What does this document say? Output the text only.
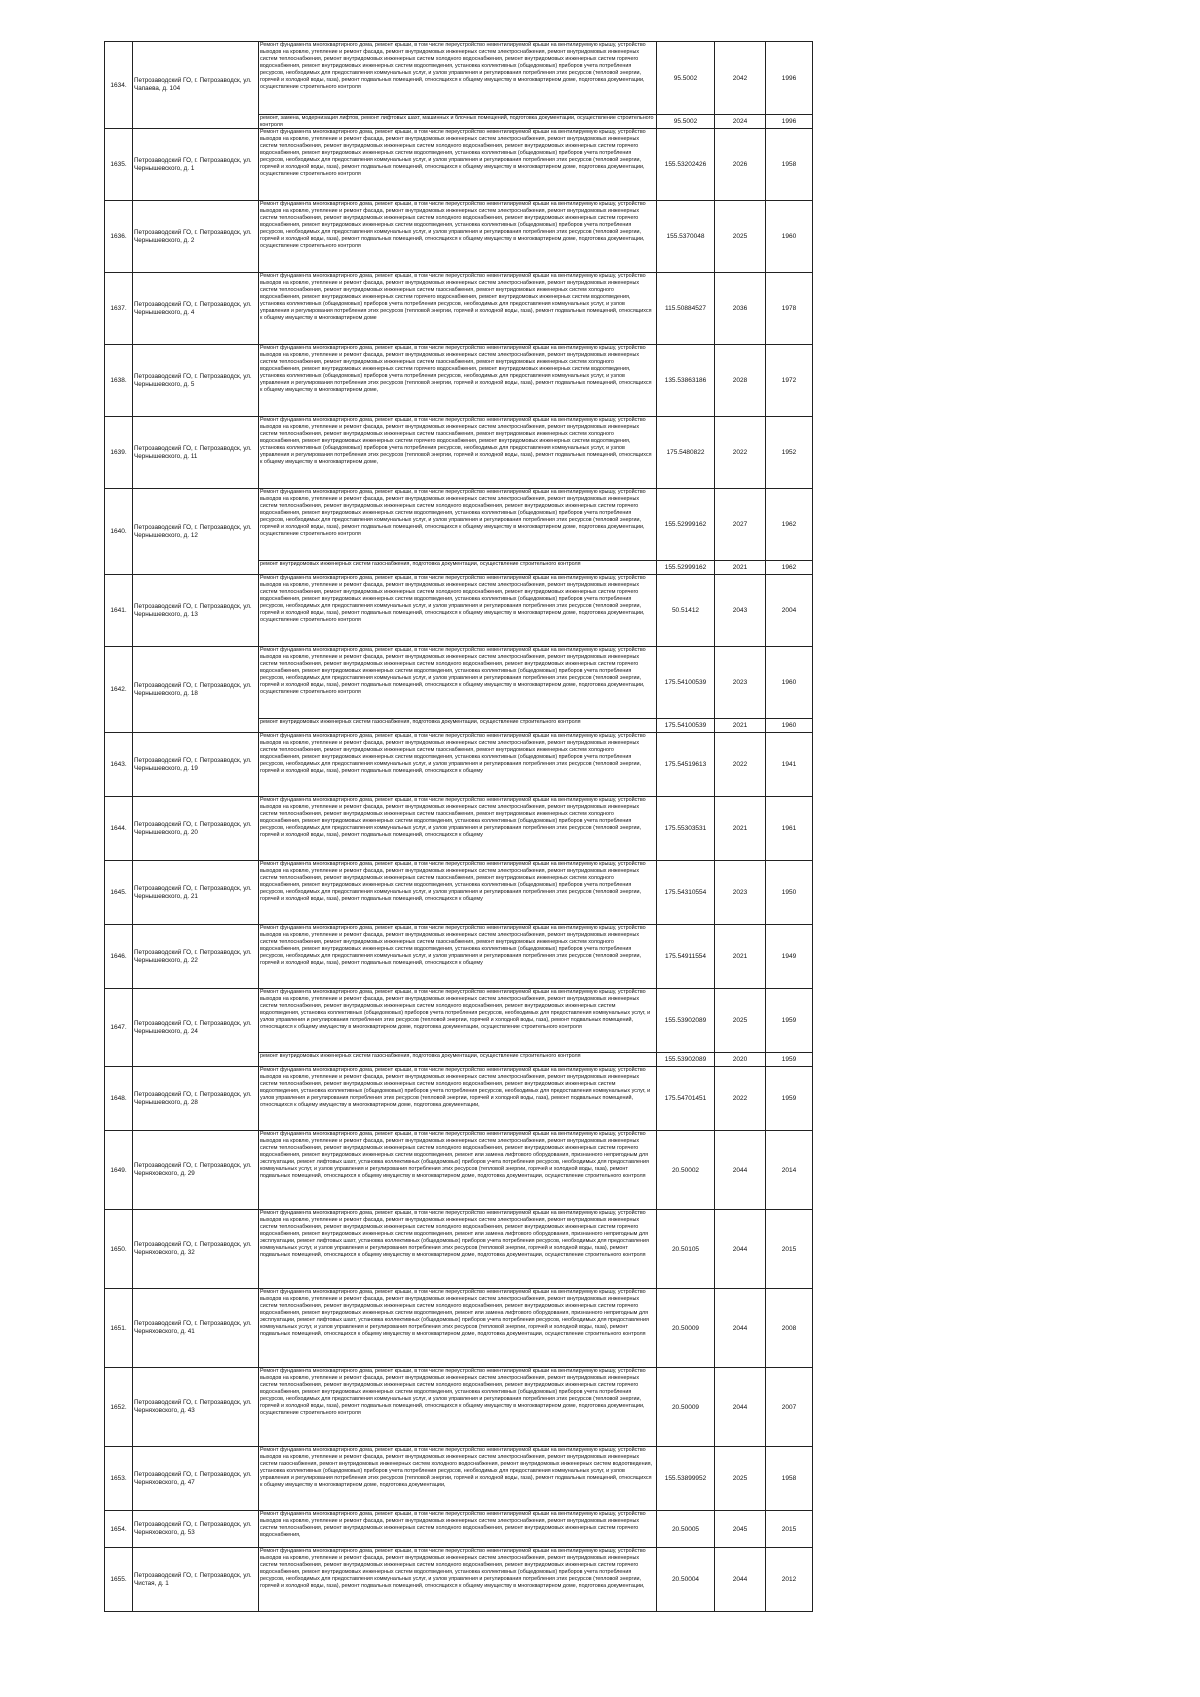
1634.	Петрозаводский ГО, г. Петрозаводск, ул. Чапаева, д. 104	Ремонт фундамента многоквартирного дома, ремонт крыши, в том числе переустройство невентилируемой крыши на вентилируемую крышу, устройство выходов на кровлю, утепление и ремонт фасада, ремонт внутридомовых инженерных систем электроснабжения, ремонт внутридомовых инженерных систем теплоснабжения, ремонт внутридомовых инженерных систем холодного водоснабжения, ремонт внутридомовых инженерных систем горячего водоснабжения, ремонт внутридомовых инженерных систем водоотведения, установка коллективных (общедомовых) приборов учета потребления ресурсов, необходимых для предоставления коммунальных услуг, и узлов управления и регулирования потребления этих ресурсов (тепловой энергии, горячей и холодной воды, газа), ремонт подвальных помещений, относящихся к общему имуществу в многоквартирном доме, подготовка документации, осуществление строительного контроля	95.5002	2042	1996

		ремонт, замена, модернизация лифтов, ремонт лифтовых шахт, машинных и блочных помещений, подготовка документации, осуществление строительного контроля	95.5002	2024	1996
1635.	Петрозаводский ГО, г. Петрозаводск, ул. Чернышевского, д. 1	Ремонт фундамента многоквартирного дома, ремонт крыши, в том числе переустройство невентилируемой крыши на вентилируемую крышу, устройство выходов на кровлю, утепление и ремонт фасада, ремонт внутридомовых инженерных систем электроснабжения, ремонт внутридомовых инженерных систем теплоснабжения, ремонт внутридомовых инженерных систем холодного водоснабжения, ремонт внутридомовых инженерных систем горячего водоснабжения, ремонт внутридомовых инженерных систем водоотведения, установка коллективных (общедомовых) приборов учета потребления ресурсов, необходимых для предоставления коммунальных услуг, и узлов управления и регулирования потребления этих ресурсов (тепловой энергии, горячей и холодной воды, газа), ремонт подвальных помещений, относящихся к общему имуществу в многоквартирном доме, подготовка документации, осуществление строительного контроля	155.53202426	2026	1958
1636.	Петрозаводский ГО, г. Петрозаводск, ул. Чернышевского, д. 2	Ремонт фундамента многоквартирного дома, ремонт крыши, в том числе переустройство невентилируемой крыши на вентилируемую крышу, устройство выходов на кровлю, утепление и ремонт фасада, ремонт внутридомовых инженерных систем электроснабжения, ремонт внутридомовых инженерных систем теплоснабжения, ремонт внутридомовых инженерных систем холодного водоснабжения, ремонт внутридомовых инженерных систем горячего водоснабжения, ремонт внутридомовых инженерных систем водоотведения, установка коллективных (общедомовых) приборов учета потребления ресурсов, необходимых для предоставления коммунальных услуг, и узлов управления и регулирования потребления этих ресурсов (тепловой энергии, горячей и холодной воды, газа), ремонт подвальных помещений, относящихся к общему имуществу в многоквартирном доме, подготовка документации, осуществление строительного контроля	155.5370048	2025	1960
1637.	Петрозаводский ГО, г. Петрозаводск, ул. Чернышевского, д. 4	Ремонт фундамента многоквартирного дома, ремонт крыши, в том числе переустройство невентилируемой крыши на вентилируемую крышу, устройство выходов на кровлю, утепление и ремонт фасада, ремонт внутридомовых инженерных систем электроснабжения, ремонт внутридомовых инженерных систем теплоснабжения, ремонт внутридомовых инженерных систем газоснабжения, ремонт внутридомовых инженерных систем холодного водоснабжения, ремонт внутридомовых инженерных систем горячего водоснабжения, ремонт внутридомовых инженерных систем водоотведения, установка коллективных (общедомовых) приборов учета потребления ресурсов, необходимых для предоставления коммунальных услуг, и узлов управления и регулирования потребления этих ресурсов (тепловой энергии, горячей и холодной воды, газа), ремонт подвальных помещений, относящихся к общему имуществу в многоквартирном доме	115.50884527	2036	1978
1638.	Петрозаводский ГО, г. Петрозаводск, ул. Чернышевского, д. 5	Ремонт фундамента многоквартирного дома, ремонт крыши, в том числе переустройство невентилируемой крыши на вентилируемую крышу, устройство выходов на кровлю, утепление и ремонт фасада, ремонт внутридомовых инженерных систем электроснабжения, ремонт внутридомовых инженерных систем теплоснабжения, ремонт внутридомовых инженерных систем газоснабжения, ремонт внутридомовых инженерных систем холодного водоснабжения, ремонт внутридомовых инженерных систем горячего водоснабжения, ремонт внутридомовых инженерных систем водоотведения, установка коллективных (общедомовых) приборов учета потребления ресурсов, необходимых для предоставления коммунальных услуг, и узлов управления и регулирования потребления этих ресурсов (тепловой энергии, горячей и холодной воды, газа), ремонт подвальных помещений, относящихся к общему имуществу в многоквартирном доме,	135.53863186	2028	1972
1639.	Петрозаводский ГО, г. Петрозаводск, ул. Чернышевского, д. 11	Ремонт фундамента многоквартирного дома, ремонт крыши, в том числе переустройство невентилируемой крыши на вентилируемую крышу, устройство выходов на кровлю, утепление и ремонт фасада, ремонт внутридомовых инженерных систем электроснабжения, ремонт внутридомовых инженерных систем теплоснабжения, ремонт внутридомовых инженерных систем газоснабжения, ремонт внутридомовых инженерных систем холодного водоснабжения, ремонт внутридомовых инженерных систем горячего водоснабжения, ремонт внутридомовых инженерных систем водоотведения, установка коллективных (общедомовых) приборов учета потребления ресурсов, необходимых для предоставления коммунальных услуг, и узлов управления и регулирования потребления этих ресурсов (тепловой энергии, горячей и холодной воды, газа), ремонт подвальных помещений, относящихся к общему имуществу в многоквартирном доме,	175.5480822	2022	1952
1640.	Петрозаводский ГО, г. Петрозаводск, ул. Чернышевского, д. 12	Ремонт фундамента многоквартирного дома, ремонт крыши, в том числе переустройство невентилируемой крыши на вентилируемую крышу, устройство выходов на кровлю, утепление и ремонт фасада, ремонт внутридомовых инженерных систем электроснабжения, ремонт внутридомовых инженерных систем теплоснабжения, ремонт внутридомовых инженерных систем холодного водоснабжения, ремонт внутридомовых инженерных систем горячего водоснабжения, ремонт внутридомовых инженерных систем водоотведения, установка коллективных (общедомовых) приборов учета потребления ресурсов, необходимых для предоставления коммунальных услуг, и узлов управления и регулирования потребления этих ресурсов (тепловой энергии, горячей и холодной воды, газа), ремонт подвальных помещений, относящихся к общему имуществу в многоквартирном доме, подготовка документации, осуществление строительного контроля	155.52999162	2027	1962

		ремонт внутридомовых инженерных систем газоснабжения, подготовка документации, осуществление строительного контроля	155.52999162	2021	1962
1641.	Петрозаводский ГО, г. Петрозаводск, ул. Чернышевского, д. 13	Ремонт фундамента многоквартирного дома, ремонт крыши, в том числе переустройство невентилируемой крыши на вентилируемую крышу, устройство выходов на кровлю, утепление и ремонт фасада, ремонт внутридомовых инженерных систем электроснабжения, ремонт внутридомовых инженерных систем теплоснабжения, ремонт внутридомовых инженерных систем холодного водоснабжения, ремонт внутридомовых инженерных систем горячего водоснабжения, ремонт внутридомовых инженерных систем водоотведения, установка коллективных (общедомовых) приборов учета потребления ресурсов, необходимых для предоставления коммунальных услуг, и узлов управления и регулирования потребления этих ресурсов (тепловой энергии, горячей и холодной воды, газа), ремонт подвальных помещений, относящихся к общему имуществу в многоквартирном доме, подготовка документации, осуществление строительного контроля	50.51412	2043	2004
1642.	Петрозаводский ГО, г. Петрозаводск, ул. Чернышевского, д. 18	Ремонт фундамента многоквартирного дома, ремонт крыши, в том числе переустройство невентилируемой крыши на вентилируемую крышу, устройство выходов на кровлю, утепление и ремонт фасада, ремонт внутридомовых инженерных систем электроснабжения, ремонт внутридомовых инженерных систем теплоснабжения, ремонт внутридомовых инженерных систем холодного водоснабжения, ремонт внутридомовых инженерных систем горячего водоснабжения, ремонт внутридомовых инженерных систем водоотведения, установка коллективных (общедомовых) приборов учета потребления ресурсов, необходимых для предоставления коммунальных услуг, и узлов управления и регулирования потребления этих ресурсов (тепловой энергии, горячей и холодной воды, газа), ремонт подвальных помещений, относящихся к общему имуществу в многоквартирном доме, подготовка документации, осуществление строительного контроля	175.54100539	2023	1960

		ремонт внутридомовых инженерных систем газоснабжения, подготовка документации, осуществление строительного контроля	175.54100539	2021	1960
1643.	Петрозаводский ГО, г. Петрозаводск, ул. Чернышевского, д. 19	Ремонт фундамента многоквартирного дома, ремонт крыши, в том числе переустройство невентилируемой крыши на вентилируемую крышу, устройство выходов на кровлю, утепление и ремонт фасада, ремонт внутридомовых инженерных систем электроснабжения, ремонт внутридомовых инженерных систем теплоснабжения, ремонт внутридомовых инженерных систем газоснабжения, ремонт внутридомовых инженерных систем холодного водоснабжения, ремонт внутридомовых инженерных систем водоотведения, установка коллективных (общедомовых) приборов учета потребления ресурсов, необходимых для предоставления коммунальных услуг, и узлов управления и регулирования потребления этих ресурсов (тепловой энергии, горячей и холодной воды, газа), ремонт подвальных помещений, относящихся к общему	175.54519613	2022	1941
1644.	Петрозаводский ГО, г. Петрозаводск, ул. Чернышевского, д. 20	Ремонт фундамента многоквартирного дома, ремонт крыши, в том числе переустройство невентилируемой крыши на вентилируемую крышу, устройство выходов на кровлю, утепление и ремонт фасада, ремонт внутридомовых инженерных систем электроснабжения, ремонт внутридомовых инженерных систем теплоснабжения, ремонт внутридомовых инженерных систем газоснабжения, ремонт внутридомовых инженерных систем холодного водоснабжения, ремонт внутридомовых инженерных систем водоотведения, установка коллективных (общедомовых) приборов учета потребления ресурсов, необходимых для предоставления коммунальных услуг, и узлов управления и регулирования потребления этих ресурсов (тепловой энергии, горячей и холодной воды, газа), ремонт подвальных помещений, относящихся к общему	175.55303531	2021	1961
1645.	Петрозаводский ГО, г. Петрозаводск, ул. Чернышевского, д. 21	Ремонт фундамента многоквартирного дома, ремонт крыши, в том числе переустройство невентилируемой крыши на вентилируемую крышу, устройство выходов на кровлю, утепление и ремонт фасада, ремонт внутридомовых инженерных систем электроснабжения, ремонт внутридомовых инженерных систем теплоснабжения, ремонт внутридомовых инженерных систем газоснабжения, ремонт внутридомовых инженерных систем холодного водоснабжения, ремонт внутридомовых инженерных систем водоотведения, установка коллективных (общедомовых) приборов учета потребления ресурсов, необходимых для предоставления коммунальных услуг, и узлов управления и регулирования потребления этих ресурсов (тепловой энергии, горячей и холодной воды, газа), ремонт подвальных помещений, относящихся к общему	175.54310554	2023	1950
1646.	Петрозаводский ГО, г. Петрозаводск, ул. Чернышевского, д. 22	Ремонт фундамента многоквартирного дома, ремонт крыши, в том числе переустройство невентилируемой крыши на вентилируемую крышу, устройство выходов на кровлю, утепление и ремонт фасада, ремонт внутридомовых инженерных систем электроснабжения, ремонт внутридомовых инженерных систем теплоснабжения, ремонт внутридомовых инженерных систем газоснабжения, ремонт внутридомовых инженерных систем холодного водоснабжения, ремонт внутридомовых инженерных систем водоотведения, установка коллективных (общедомовых) приборов учета потребления ресурсов, необходимых для предоставления коммунальных услуг, и узлов управления и регулирования потребления этих ресурсов (тепловой энергии, горячей и холодной воды, газа), ремонт подвальных помещений, относящихся к общему	175.54911554	2021	1949
1647.	Петрозаводский ГО, г. Петрозаводск, ул. Чернышевского, д. 24	Ремонт фундамента многоквартирного дома, ремонт крыши, в том числе переустройство невентилируемой крыши на вентилируемую крышу, устройство выходов на кровлю, утепление и ремонт фасада, ремонт внутридомовых инженерных систем электроснабжения, ремонт внутридомовых инженерных систем теплоснабжения, ремонт внутридомовых инженерных систем холодного водоснабжения, ремонт внутридомовых инженерных систем водоотведения, установка коллективных (общедомовых) приборов учета потребления ресурсов, необходимых для предоставления коммунальных услуг, и узлов управления и регулирования потребления этих ресурсов (тепловой энергии, горячей и холодной воды, газа), ремонт подвальных помещений, относящихся к общему имуществу в многоквартирном доме, подготовка документации, осуществление строительного контроля	155.53902089	2025	1959

		ремонт внутридомовых инженерных систем газоснабжения, подготовка документации, осуществление строительного контроля	155.53902089	2020	1959
1648.	Петрозаводский ГО, г. Петрозаводск, ул. Чернышевского, д. 28	Ремонт фундамента многоквартирного дома, ремонт крыши, в том числе переустройство невентилируемой крыши на вентилируемую крышу, устройство выходов на кровлю, утепление и ремонт фасада, ремонт внутридомовых инженерных систем электроснабжения, ремонт внутридомовых инженерных систем теплоснабжения, ремонт внутридомовых инженерных систем холодного водоснабжения, ремонт внутридомовых инженерных систем водоотведения, установка коллективных (общедомовых) приборов учета потребления ресурсов, необходимых для предоставления коммунальных услуг, и узлов управления и регулирования потребления этих ресурсов (тепловой энергии, горячей и холодной воды, газа), ремонт подвальных помещений, относящихся к общему имуществу в многоквартирном доме, подготовка документации,	175.54701451	2022	1959
1649.	Петрозаводский ГО, г. Петрозаводск, ул. Черняховского, д. 29	Ремонт фундамента многоквартирного дома, ремонт крыши, в том числе переустройство невентилируемой крыши на вентилируемую крышу, устройство выходов на кровлю, утепление и ремонт фасада, ремонт внутридомовых инженерных систем электроснабжения, ремонт внутридомовых инженерных систем теплоснабжения, ремонт внутридомовых инженерных систем холодного водоснабжения, ремонт внутридомовых инженерных систем горячего водоснабжения, ремонт внутридомовых инженерных систем водоотведения, ремонт или замена лифтового оборудования, признанного непригодным для эксплуатации, ремонт лифтовых шахт, установка коллективных (общедомовых) приборов учета потребления ресурсов, необходимых для предоставления коммунальных услуг, и узлов управления и регулирования потребления этих ресурсов (тепловой энергии, горячей и холодной воды, газа), ремонт подвальных помещений, относящихся к общему имуществу в многоквартирном доме, подготовка документации, осуществление строительного контроля	20.50002	2044	2014
1650.	Петрозаводский ГО, г. Петрозаводск, ул. Черняховского, д. 32	Ремонт фундамента многоквартирного дома, ремонт крыши, в том числе переустройство невентилируемой крыши на вентилируемую крышу, устройство выходов на кровлю, утепление и ремонт фасада, ремонт внутридомовых инженерных систем электроснабжения, ремонт внутридомовых инженерных систем теплоснабжения, ремонт внутридомовых инженерных систем холодного водоснабжения, ремонт внутридомовых инженерных систем горячего водоснабжения, ремонт внутридомовых инженерных систем водоотведения, ремонт или замена лифтового оборудования, признанного непригодным для эксплуатации, ремонт лифтовых шахт, установка коллективных (общедомовых) приборов учета потребления ресурсов, необходимых для предоставления коммунальных услуг, и узлов управления и регулирования потребления этих ресурсов (тепловой энергии, горячей и холодной воды, газа), ремонт подвальных помещений, относящихся к общему имуществу в многоквартирном доме, подготовка документации, осуществление строительного контроля	20.50105	2044	2015
1651.	Петрозаводский ГО, г. Петрозаводск, ул. Черняховского, д. 41	Ремонт фундамента многоквартирного дома, ремонт крыши, в том числе переустройство невентилируемой крыши на вентилируемую крышу, устройство выходов на кровлю, утепление и ремонт фасада, ремонт внутридомовых инженерных систем электроснабжения, ремонт внутридомовых инженерных систем теплоснабжения, ремонт внутридомовых инженерных систем холодного водоснабжения, ремонт внутридомовых инженерных систем горячего водоснабжения, ремонт внутридомовых инженерных систем водоотведения, ремонт или замена лифтового оборудования, признанного непригодным для эксплуатации, ремонт лифтовых шахт, установка коллективных (общедомовых) приборов учета потребления ресурсов, необходимых для предоставления коммунальных услуг, и узлов управления и регулирования потребления этих ресурсов (тепловой энергии, горячей и холодной воды, газа), ремонт подвальных помещений, относящихся к общему имуществу в многоквартирном доме, подготовка документации, осуществление строительного контроля	20.50009	2044	2008
1652.	Петрозаводский ГО, г. Петрозаводск, ул. Черняховского, д. 43	Ремонт фундамента многоквартирного дома, ремонт крыши, в том числе переустройство невентилируемой крыши на вентилируемую крышу, устройство выходов на кровлю, утепление и ремонт фасада, ремонт внутридомовых инженерных систем электроснабжения, ремонт внутридомовых инженерных систем теплоснабжения, ремонт внутридомовых инженерных систем холодного водоснабжения, ремонт внутридомовых инженерных систем горячего водоснабжения, ремонт внутридомовых инженерных систем водоотведения, установка коллективных (общедомовых) приборов учета потребления ресурсов, необходимых для предоставления коммунальных услуг, и узлов управления и регулирования потребления этих ресурсов (тепловой энергии, горячей и холодной воды, газа), ремонт подвальных помещений, относящихся к общему имуществу в многоквартирном доме, подготовка документации, осуществление строительного контроля	20.50009	2044	2007
1653.	Петрозаводский ГО, г. Петрозаводск, ул. Черняховского, д. 47	Ремонт фундамента многоквартирного дома, ремонт крыши, в том числе переустройство невентилируемой крыши на вентилируемую крышу, устройство выходов на кровлю, утепление и ремонт фасада, ремонт внутридомовых инженерных систем электроснабжения, ремонт внутридомовых инженерных систем газоснабжения, ремонт внутридомовых инженерных систем холодного водоснабжения, ремонт внутридомовых инженерных систем водоотведения, установка коллективных (общедомовых) приборов учета потребления ресурсов, необходимых для предоставления коммунальных услуг, и узлов управления и регулирования потребления этих ресурсов (тепловой энергии, горячей и холодной воды, газа), ремонт подвальных помещений, относящихся к общему имуществу в многоквартирном доме, подготовка документации,	155.53899952	2025	1958
1654.	Петрозаводский ГО, г. Петрозаводск, ул. Черняховского, д. 53	Ремонт фундамента многоквартирного дома, ремонт крыши, в том числе переустройство невентилируемой крыши на вентилируемую крышу, устройство выходов на кровлю, утепление и ремонт фасада, ремонт внутридомовых инженерных систем электроснабжения, ремонт внутридомовых инженерных систем теплоснабжения, ремонт внутридомовых инженерных систем холодного водоснабжения, ремонт внутридомовых инженерных систем горячего водоснабжения,	20.50005	2045	2015
1655.	Петрозаводский ГО, г. Петрозаводск, ул. Чистая, д. 1	Ремонт фундамента многоквартирного дома, ремонт крыши, в том числе переустройство невентилируемой крыши на вентилируемую крышу, устройство выходов на кровлю, утепление и ремонт фасада, ремонт внутридомовых инженерных систем электроснабжения, ремонт внутридомовых инженерных систем теплоснабжения, ремонт внутридомовых инженерных систем холодного водоснабжения, ремонт внутридомовых инженерных систем горячего водоснабжения, ремонт внутридомовых инженерных систем водоотведения, установка коллективных (общедомовых) приборов учета потребления ресурсов, необходимых для предоставления коммунальных услуг, и узлов управления и регулирования потребления этих ресурсов (тепловой энергии, горячей и холодной воды, газа), ремонт подвальных помещений, относящихся к общему имуществу в многоквартирном доме, подготовка документации,	20.50004	2044	2012
